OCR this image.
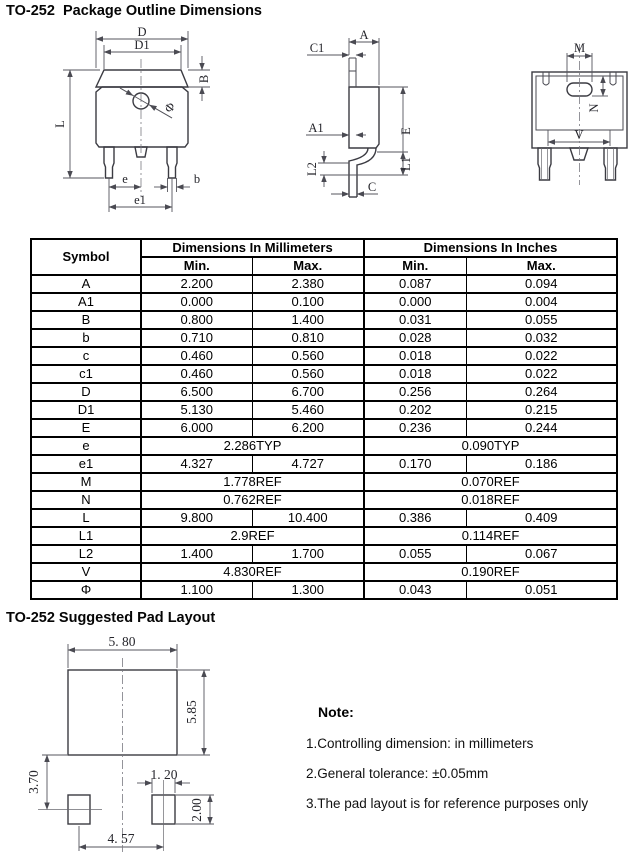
TO-252  Package Outline Dimensions
D
D1
B
L
e	b
e1
Φ
A
C1
A1	E
L1
L2
C
M
N
V
Symbol	Dimensions In Millimeters		Dimensions In Inches	
	Min.	Max.	Min.	Max.
A	2.200	2.380	0.087	0.094
A1	0.000	0.100	0.000	0.004
B	0.800	1.400	0.031	0.055
b	0.710	0.810	0.028	0.032
c	0.460	0.560	0.018	0.022
c1	0.460	0.560	0.018	0.022
D	6.500	6.700	0.256	0.264
D1	5.130	5.460	0.202	0.215
E	6.000	6.200	0.236	0.244
e	2.286TYP		0.090TYP	
e1	4.327	4.727	0.170	0.186
M	1.778REF		0.070REF	
N	0.762REF		0.018REF	
L	9.800	10.400	0.386	0.409
L1	2.9REF		0.114REF	
L2	1.400	1.700	0.055	0.067
V	4.830REF		0.190REF	
Φ	1.100	1.300	0.043	0.051
TO-252 Suggested Pad Layout
5. 80
5.85
3.70	1. 20
2.00
4. 57
Note:
1.Controlling dimension: in millimeters
2.General tolerance: ±0.05mm
3.The pad layout is for reference purposes only
